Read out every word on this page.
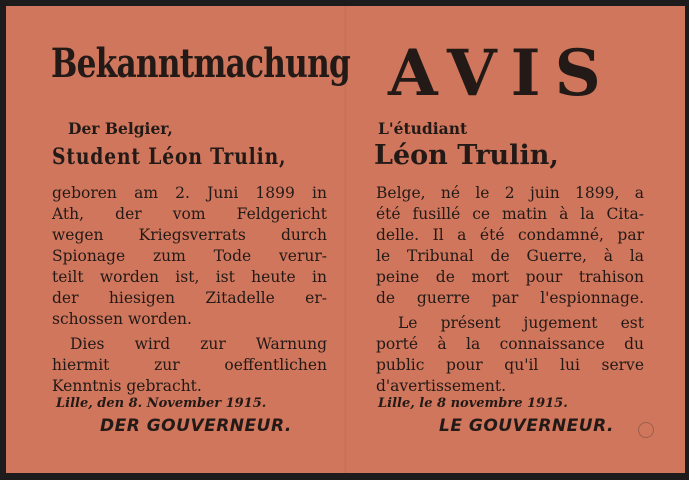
Bekanntmachung
Der Belgier,
Student Léon Trulin,
geboren am 2. Juni 1899 in
Ath, der vom Feldgericht
wegen Kriegsverrats durch
Spionage zum Tode verur-
teilt worden ist, ist heute in
der hiesigen Zitadelle er-
schossen worden.
Dies wird zur Warnung
hiermit zur oeffentlichen
Kenntnis gebracht.
Lille, den 8. November 1915.
DER GOUVERNEUR.
AVIS
L'étudiant
Léon Trulin,
Belge, né le 2 juin 1899, a
été fusillé ce matin à la Cita-
delle. Il a été condamné, par
le Tribunal de Guerre, à la
peine de mort pour trahison
de guerre par l'espionnage.
Le présent jugement est
porté à la connaissance du
public pour qu'il lui serve
d'avertissement.
Lille, le 8 novembre 1915.
LE GOUVERNEUR.
